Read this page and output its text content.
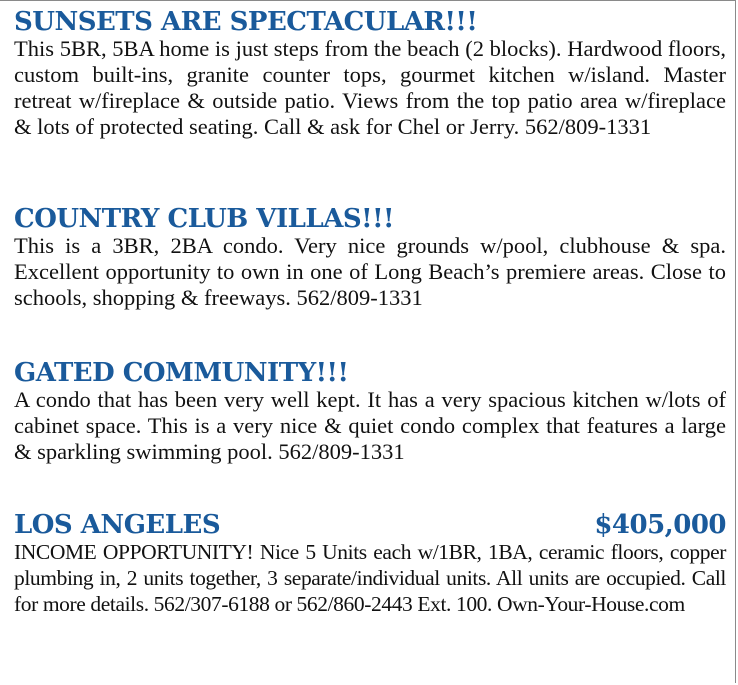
SUNSETS ARE SPECTACULAR!!!

This 5BR, 5BA home is just steps from the beach (2 blocks). Hardwood floors, custom built-ins, granite counter tops, gourmet kitchen w/island. Master retreat w/fireplace & outside patio. Views from the top patio area w/fireplace & lots of protected seating. Call & ask for Chel or Jerry. 562/809-1331

COUNTRY CLUB VILLAS!!!

This is a 3BR, 2BA condo. Very nice grounds w/pool, clubhouse & spa. Excellent opportunity to own in one of Long Beach’s premiere areas. Close to schools, shopping & freeways. 562/809-1331

GATED COMMUNITY!!!

A condo that has been very well kept. It has a very spacious kitchen w/lots of cabinet space. This is a very nice & quiet condo complex that features a large & sparkling swimming pool. 562/809-1331

LOS ANGELES	$405,000

INCOME OPPORTUNITY! Nice 5 Units each w/1BR, 1BA, ceramic floors, copper plumbing in, 2 units together, 3 separate/individual units. All units are occupied. Call for more details. 562/307-6188 or 562/860-2443 Ext. 100. Own-Your-House.com
